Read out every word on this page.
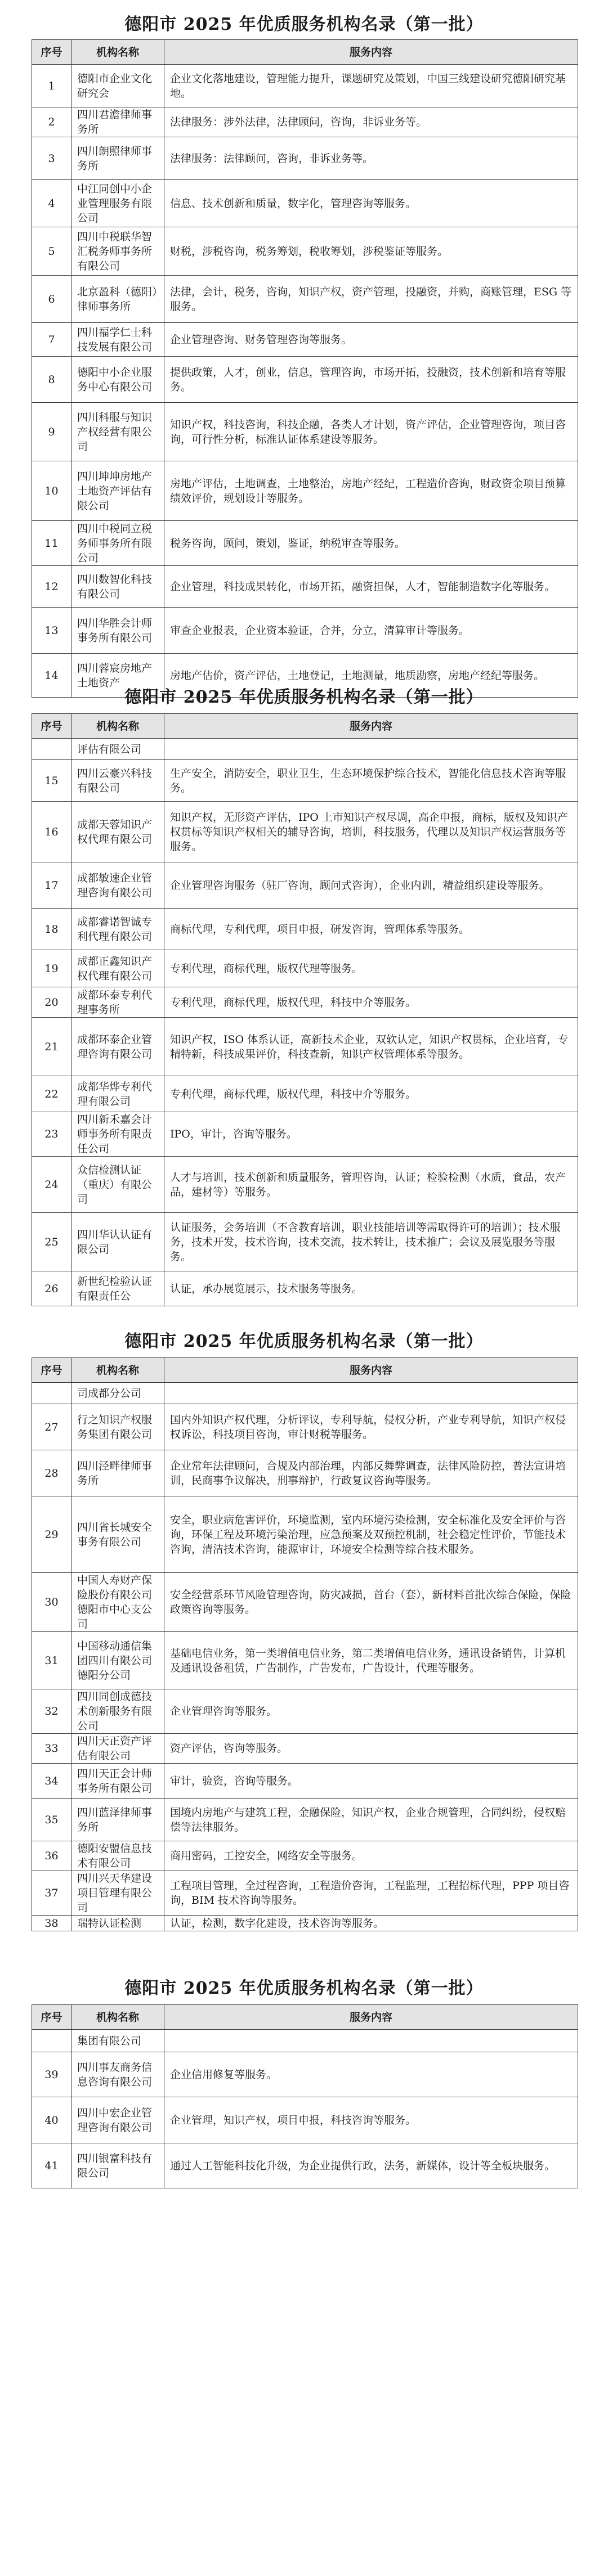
德阳市 2025 年优质服务机构名录（第一批）
序号	机构名称	服务内容
1	德阳市企业文化研究会	企业文化落地建设，管理能力提升，课题研究及策划，中国三线建设研究德阳研究基地。
2	四川君澹律师事务所	法律服务：涉外法律，法律顾问，咨询，非诉业务等。
3	四川朗照律师事务所	法律服务：法律顾问，咨询，非诉业务等。
4	中江同创中小企业管理服务有限公司	信息、技术创新和质量，数字化，管理咨询等服务。
5	四川中税联华智汇税务师事务所有限公司	财税，涉税咨询，税务筹划，税收筹划，涉税鉴证等服务。
6	北京盈科（德阳）律师事务所	法律，会计，税务，咨询，知识产权，资产管理，投融资，并购，商账管理，ESG 等服务。
7	四川福学仁士科技发展有限公司	企业管理咨询、财务管理咨询等服务。
8	德阳中小企业服务中心有限公司	提供政策，人才，创业，信息，管理咨询，市场开拓，投融资，技术创新和培育等服务。
9	四川科服与知识产权经营有限公司	知识产权，科技咨询，科技企融，各类人才计划，资产评估，企业管理咨询，项目咨询，可行性分析，标准认证体系建设等服务。
10	四川坤坤房地产土地资产评估有限公司	房地产评估，土地调查，土地整治，房地产经纪，工程造价咨询，财政资金项目预算绩效评价，规划设计等服务。
11	四川中税同立税务师事务所有限公司	税务咨询，顾问，策划，鉴证，纳税审查等服务。
12	四川数智化科技有限公司	企业管理，科技成果转化，市场开拓，融资担保，人才，智能制造数字化等服务。
13	四川华胜会计师事务所有限公司	审查企业报表，企业资本验证，合并，分立，清算审计等服务。
14	四川蓉宸房地产土地资产	房地产估价，资产评估，土地登记，土地测量，地质勘察，房地产经纪等服务。
德阳市 2025 年优质服务机构名录（第一批）
序号	机构名称	服务内容
	评估有限公司	
15	四川云豪兴科技有限公司	生产安全，消防安全，职业卫生，生态环境保护综合技术，智能化信息技术咨询等服务。
16	成都天蓉知识产权代理有限公司	知识产权，无形资产评估，IPO 上市知识产权尽调，高企申报，商标，版权及知识产权贯标等知识产权相关的辅导咨询，培训，科技服务，代理以及知识产权运营服务等服务。
17	成都敏速企业管理咨询有限公司	企业管理咨询服务（驻厂咨询，顾问式咨询），企业内训，精益组织建设等服务。
18	成都睿诺智诚专利代理有限公司	商标代理，专利代理，项目申报，研发咨询，管理体系等服务。
19	成都正鑫知识产权代理有限公司	专利代理，商标代理，版权代理等服务。
20	成都环泰专利代理事务所	专利代理，商标代理，版权代理，科技中介等服务。
21	成都环泰企业管理咨询有限公司	知识产权，ISO 体系认证，高新技术企业，双软认定，知识产权贯标，企业培育，专精特新，科技成果评价，科技查新，知识产权管理体系等服务。
22	成都华烨专利代理有限公司	专利代理，商标代理，版权代理，科技中介等服务。
23	四川新禾嘉会计师事务所有限责任公司	IPO，审计，咨询等服务。
24	众信检测认证（重庆）有限公司	人才与培训，技术创新和质量服务，管理咨询，认证；检验检测（水质，食品，农产品，建材等）等服务。
25	四川华认认证有限公司	认证服务，会务培训（不含教育培训，职业技能培训等需取得许可的培训）；技术服务，技术开发，技术咨询，技术交流，技术转让，技术推广；会议及展览服务等服务。
26	新世纪检验认证有限责任公	认证，承办展览展示，技术服务等服务。
德阳市 2025 年优质服务机构名录（第一批）
序号	机构名称	服务内容
	司成都分公司	
27	行之知识产权服务集团有限公司	国内外知识产权代理，分析评议，专利导航，侵权分析，产业专利导航，知识产权侵权诉讼，科技项目咨询，审计财税等服务。
28	四川泾畔律师事务所	企业常年法律顾问，合规及内部治理，内部反舞弊调查，法律风险防控，普法宣讲培训，民商事争议解决，刑事辩护，行政复议咨询等服务。
29	四川省长城安全事务有限公司	安全，职业病危害评价，环境监测，室内环境污染检测，安全标准化及安全评价与咨询，环保工程及环境污染治理，应急预案及双预控机制，社会稳定性评价，节能技术咨询，清洁技术咨询，能源审计，环境安全检测等综合技术服务。
30	中国人寿财产保险股份有限公司德阳市中心支公司	安全经营系环节风险管理咨询，防灾减损，首台（套），新材料首批次综合保险，保险政策咨询等服务。
31	中国移动通信集团四川有限公司德阳分公司	基础电信业务，第一类增值电信业务，第二类增值电信业务，通讯设备销售，计算机及通讯设备租赁，广告制作，广告发布，广告设计，代理等服务。
32	四川同创成德技术创新服务有限公司	企业管理咨询等服务。
33	四川天正资产评估有限公司	资产评估，咨询等服务。
34	四川天正会计师事务所有限公司	审计，验资，咨询等服务。
35	四川蓝泽律师事务所	国境内房地产与建筑工程，金融保险，知识产权，企业合规管理，合同纠纷，侵权赔偿等法律服务。
36	德阳安盟信息技术有限公司	商用密码，工控安全，网络安全等服务。
37	四川兴天华建设项目管理有限公司	工程项目管理，全过程咨询，工程造价咨询，工程监理，工程招标代理，PPP 项目咨询，BIM 技术咨询等服务。
38	瑞特认证检测	认证，检测，数字化建设，技术咨询等服务。
德阳市 2025 年优质服务机构名录（第一批）
序号	机构名称	服务内容
	集团有限公司	
39	四川事友商务信息咨询有限公司	企业信用修复等服务。
40	四川中宏企业管理咨询有限公司	企业管理，知识产权，项目申报，科技咨询等服务。
41	四川银富科技有限公司	通过人工智能科技化升级，为企业提供行政，法务，新媒体，设计等全板块服务。
